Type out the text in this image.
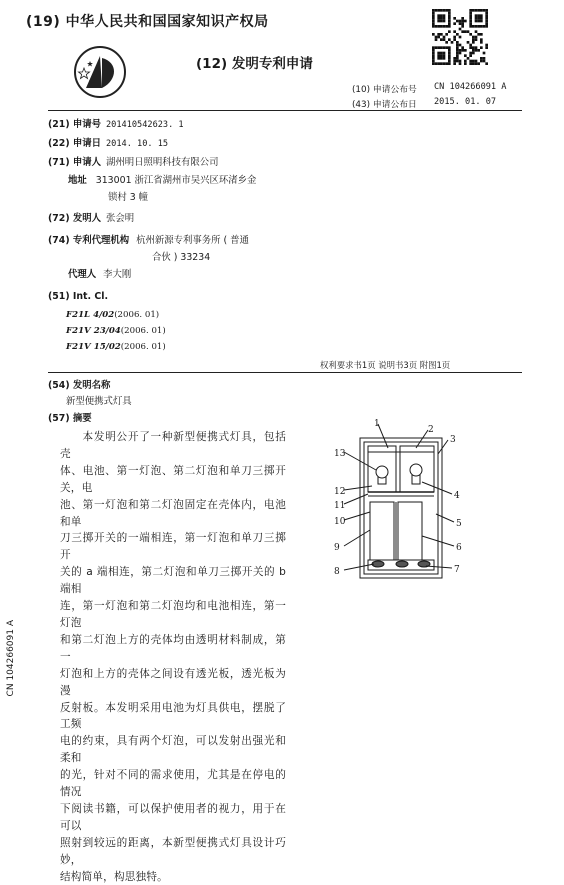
(19) 中华人民共和国国家知识产权局
(12) 发明专利申请
(10) 申请公布号 CN 104266091 A
(43) 申请公布日 2015. 01. 07
(21) 申请号 201410542623. 1
(22) 申请日 2014. 10. 15
(71) 申请人 湖州明日照明科技有限公司
地址 313001 浙江省湖州市吴兴区环渚乡金
锁村 3 幢
(72) 发明人 张会明
(74) 专利代理机构 杭州新源专利事务所 ( 普通
合伙 ) 33234
代理人 李大刚
(51) Int. Cl.
F21L 4/02(2006. 01)
F21V 23/04(2006. 01)
F21V 15/02(2006. 01)
权利要求书1页 说明书3页 附图1页
(54) 发明名称
新型便携式灯具
(57) 摘要
本发明公开了一种新型便携式灯具，包括壳
体、电池、第一灯泡、第二灯泡和单刀三掷开关，电
池、第一灯泡和第二灯泡固定在壳体内，电池和单
刀三掷开关的一端相连，第一灯泡和单刀三掷开
关的 a 端相连，第二灯泡和单刀三掷开关的 b 端相
连，第一灯泡和第二灯泡均和电池相连，第一灯泡
和第二灯泡上方的壳体均由透明材料制成，第一
灯泡和上方的壳体之间设有透光板，透光板为漫
反射板。本发明采用电池为灯具供电，摆脱了工频
电的约束，具有两个灯泡，可以发射出强光和柔和
的光，针对不同的需求使用，尤其是在停电的情况
下阅读书籍，可以保护使用者的视力，用于在可以
照射到较远的距离，本新型便携式灯具设计巧妙，
结构简单，构思独特。
1
2
3
13
12
11
10
9
8
4
5
6
7
CN 104266091 A
